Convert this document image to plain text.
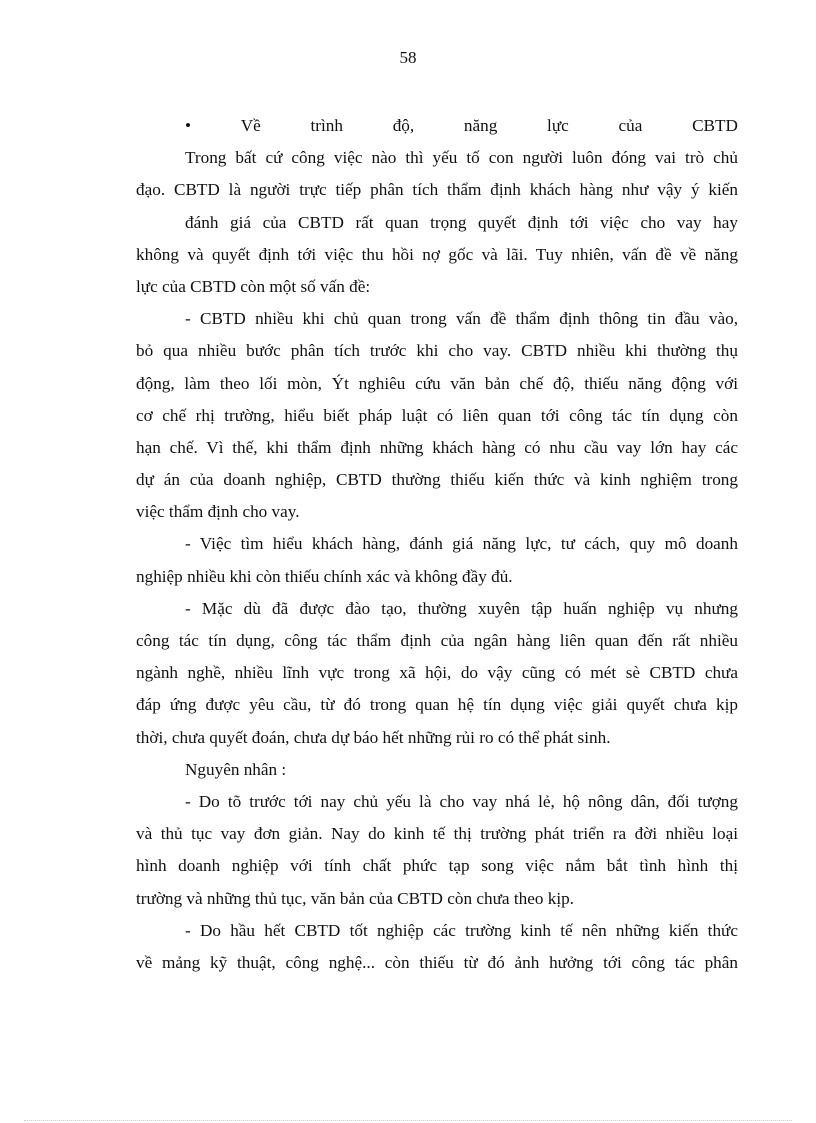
58
•	Về	trình	độ,	năng	lực	của	CBTD
Trong bất cứ công việc nào thì yếu tố con người luôn đóng vai trò chủ
đạo. CBTD là người trực tiếp phân tích thẩm định khách hàng như vậy ý kiến
đánh giá của CBTD rất quan trọng quyết định tới việc cho vay hay
không và quyết định tới việc thu hồi nợ gốc và lãi. Tuy nhiên, vấn đề về năng
lực của CBTD còn một số vấn đề:
- CBTD nhiều khi chủ quan trong vấn đề thẩm định thông tin đầu vào,
bỏ qua nhiều bước phân tích trước khi cho vay. CBTD nhiều khi thường thụ
động, làm theo lối mòn, Ýt nghiêu cứu văn bản chế độ, thiếu năng động với
cơ chế rhị trường, hiểu biết pháp luật có liên quan tới công tác tín dụng còn
hạn chế. Vì thế, khi thẩm định những khách hàng có nhu cầu vay lớn hay các
dự án của doanh nghiệp, CBTD thường thiếu kiến thức và kinh nghiệm trong
việc thẩm định cho vay.
- Việc tìm hiểu khách hàng, đánh giá năng lực, tư cách, quy mô doanh
nghiệp nhiều khi còn thiếu chính xác và không đầy đủ.
- Mặc dù đã được đào tạo, thường xuyên tập huấn nghiệp vụ nhưng
công tác tín dụng, công tác thẩm định của ngân hàng liên quan đến rất nhiều
ngành nghề, nhiều lĩnh vực trong xã hội, do vậy cũng có mét sè CBTD chưa
đáp ứng được yêu cầu, từ đó trong quan hệ tín dụng việc giải quyết chưa kịp
thời, chưa quyết đoán, chưa dự báo hết những rủi ro có thể phát sinh.
Nguyên nhân :
- Do tõ trước tới nay chủ yếu là cho vay nhá lẻ, hộ nông dân, đối tượng
và thủ tục vay đơn giản. Nay do kinh tế thị trường phát triển ra đời nhiều loại
hình doanh nghiệp với tính chất phức tạp song việc nắm bắt tình hình thị
trường và những thủ tục, văn bản của CBTD còn chưa theo kịp.
- Do hầu hết CBTD tốt nghiệp các trường kinh tế nên những kiến thức
về mảng kỹ thuật, công nghệ... còn thiếu từ đó ảnh hưởng tới công tác phân
